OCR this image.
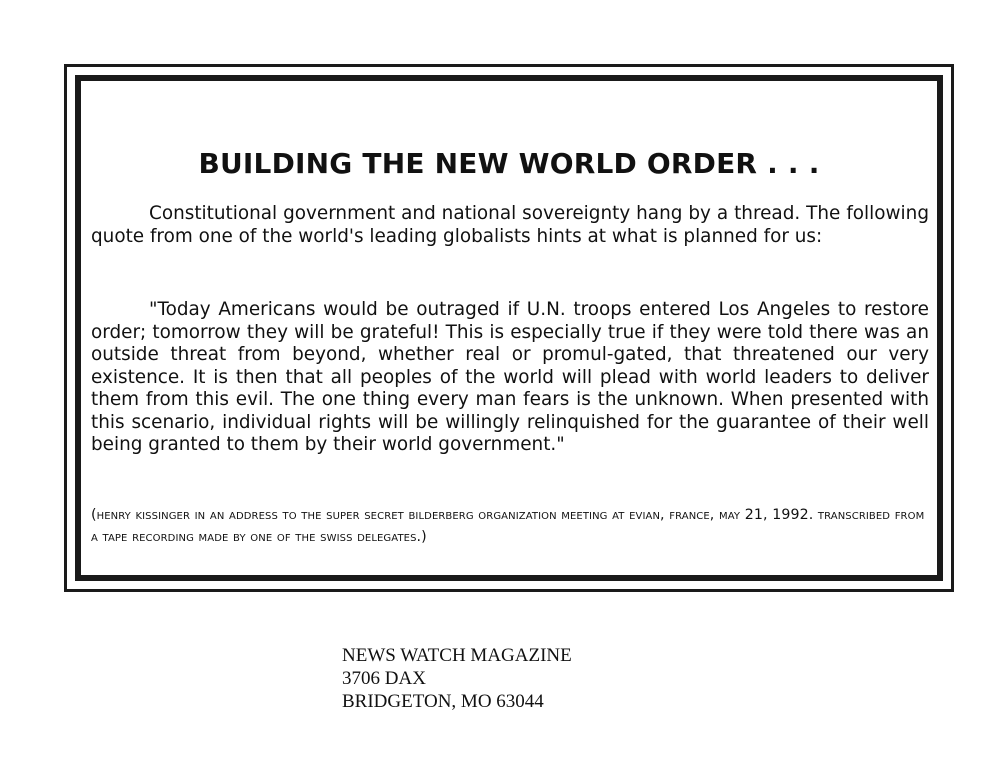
BUILDING THE NEW WORLD ORDER . . .

Constitutional government and national sovereignty hang by a thread. The following quote from one of the world's leading globalists hints at what is planned for us:

"Today Americans would be outraged if U.N. troops entered Los Angeles to restore order; tomorrow they will be grateful! This is especially true if they were told there was an outside threat from beyond, whether real or promul-gated, that threatened our very existence. It is then that all peoples of the world will plead with world leaders to deliver them from this evil. The one thing every man fears is the unknown. When presented with this scenario, individual rights will be willingly relinquished for the guarantee of their well being granted to them by their world government."

(henry kissinger in an address to the super secret bilderberg organization meeting at evian, france, may 21, 1992. transcribed from a tape recording made by one of the swiss delegates.)

NEWS WATCH MAGAZINE
3706 DAX
BRIDGETON, MO 63044
